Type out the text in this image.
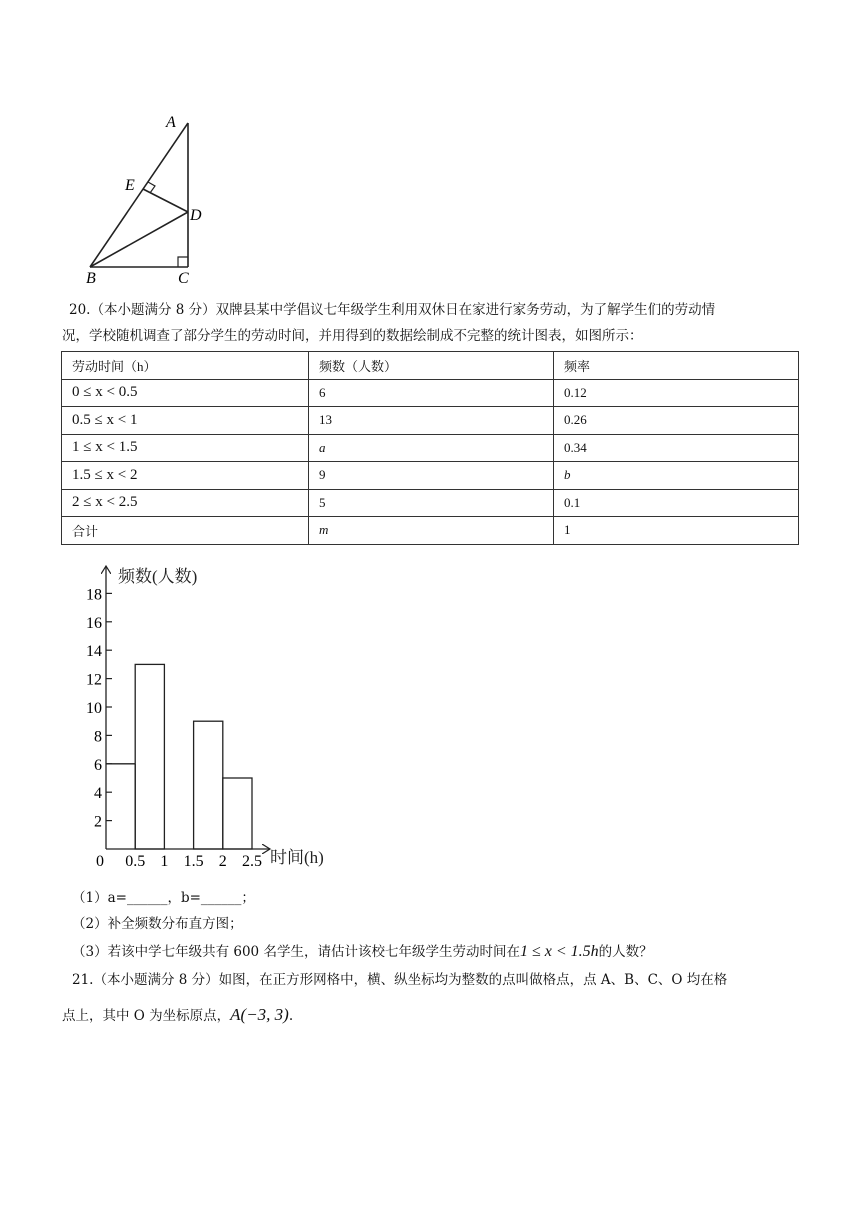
A
E
D
B	C
20.（本小题满分 8 分）双牌县某中学倡议七年级学生利用双休日在家进行家务劳动，为了解学生们的劳动情
况，学校随机调查了部分学生的劳动时间，并用得到的数据绘制成不完整的统计图表，如图所示：
劳动时间（h）	频数（人数）	频率
0 ≤ x < 0.5	6	0.12
0.5 ≤ x < 1	13	0.26
1 ≤ x < 1.5	a	0.34
1.5 ≤ x < 2	9	b
2 ≤ x < 2.5	5	0.1
合计	m	1
2
4
6
8
10
12
14
16
18
0 0.5 1 1.5 2 2.5
频数(人数)
时间(h)
（1）a=______，b=______；
（2）补全频数分布直方图；
（3）若该中学七年级共有 600 名学生，请估计该校七年级学生劳动时间在1 ≤ x < 1.5h的人数？
21.（本小题满分 8 分）如图，在正方形网格中，横、纵坐标均为整数的点叫做格点，点 A、B、C、O 均在格
点上，其中 O 为坐标原点，A(−3, 3).
